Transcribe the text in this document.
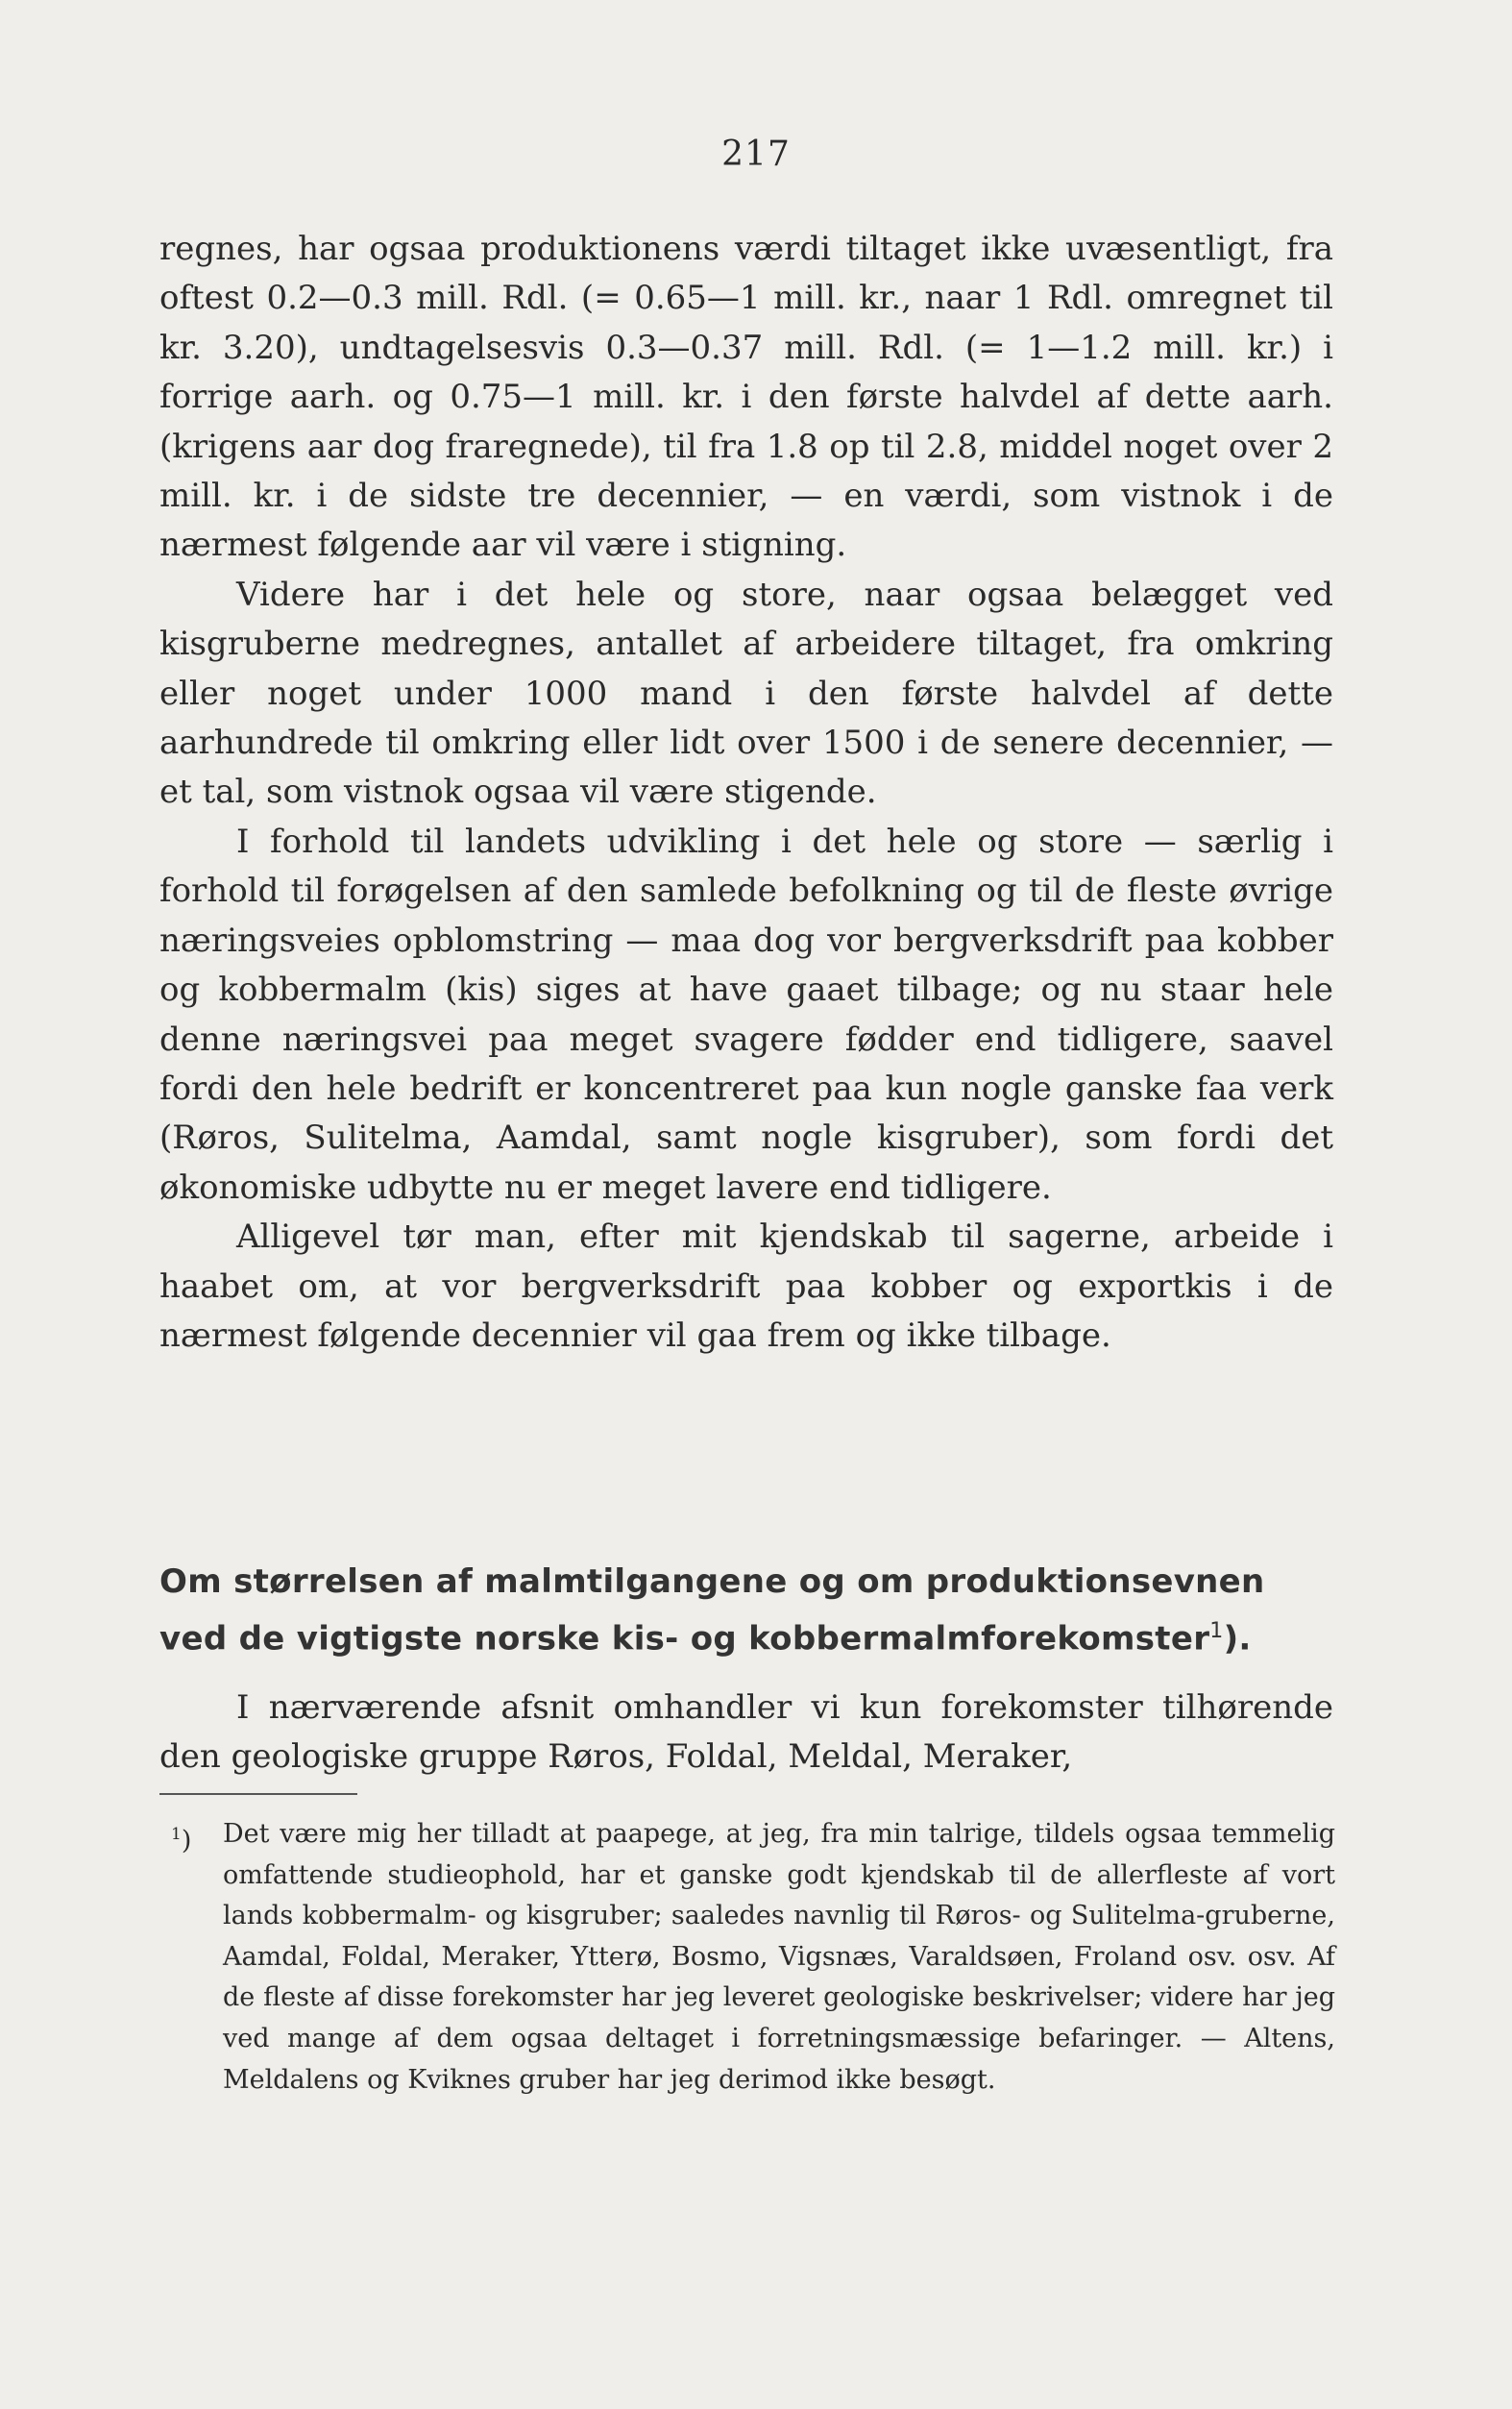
217

regnes, har ogsaa produktionens værdi tiltaget ikke uvæsentligt, fra oftest 0.2—0.3 mill. Rdl. (= 0.65—1 mill. kr., naar 1 Rdl. omregnet til kr. 3.20), undtagelsesvis 0.3—0.37 mill. Rdl. (= 1—1.2 mill. kr.) i forrige aarh. og 0.75—1 mill. kr. i den første halvdel af dette aarh. (krigens aar dog fraregnede), til fra 1.8 op til 2.8, middel noget over 2 mill. kr. i de sidste tre decennier, — en værdi, som vistnok i de nærmest følgende aar vil være i stigning.

Videre har i det hele og store, naar ogsaa belægget ved kisgruberne medregnes, antallet af arbeidere tiltaget, fra omkring eller noget under 1000 mand i den første halvdel af dette aarhundrede til omkring eller lidt over 1500 i de senere decennier, — et tal, som vistnok ogsaa vil være stigende.

I forhold til landets udvikling i det hele og store — særlig i forhold til forøgelsen af den samlede befolkning og til de fleste øvrige næringsveies opblomstring — maa dog vor bergverksdrift paa kobber og kobbermalm (kis) siges at have gaaet tilbage; og nu staar hele denne næringsvei paa meget svagere fødder end tidligere, saavel fordi den hele bedrift er koncentreret paa kun nogle ganske faa verk (Røros, Sulitelma, Aamdal, samt nogle kisgruber), som fordi det økonomiske udbytte nu er meget lavere end tidligere.

Alligevel tør man, efter mit kjendskab til sagerne, arbeide i haabet om, at vor bergverksdrift paa kobber og exportkis i de nærmest følgende decennier vil gaa frem og ikke tilbage.

Om størrelsen af malmtilgangene og om produktionsevnen ved de vigtigste norske kis- og kobbermalmforekomster$^1$).

I nærværende afsnit omhandler vi kun forekomster tilhørende den geologiske gruppe Røros, Foldal, Meldal, Meraker,

$^1$) Det være mig her tilladt at paapege, at jeg, fra min talrige, tildels ogsaa temmelig omfattende studieophold, har et ganske godt kjendskab til de allerfleste af vort lands kobbermalm- og kisgruber; saaledes navnlig til Røros- og Sulitelma-gruberne, Aamdal, Foldal, Meraker, Ytterø, Bosmo, Vigsnæs, Varaldsøen, Froland osv. osv. Af de fleste af disse forekomster har jeg leveret geologiske beskrivelser; videre har jeg ved mange af dem ogsaa deltaget i forretningsmæssige befaringer. — Altens, Meldalens og Kviknes gruber har jeg derimod ikke besøgt.
